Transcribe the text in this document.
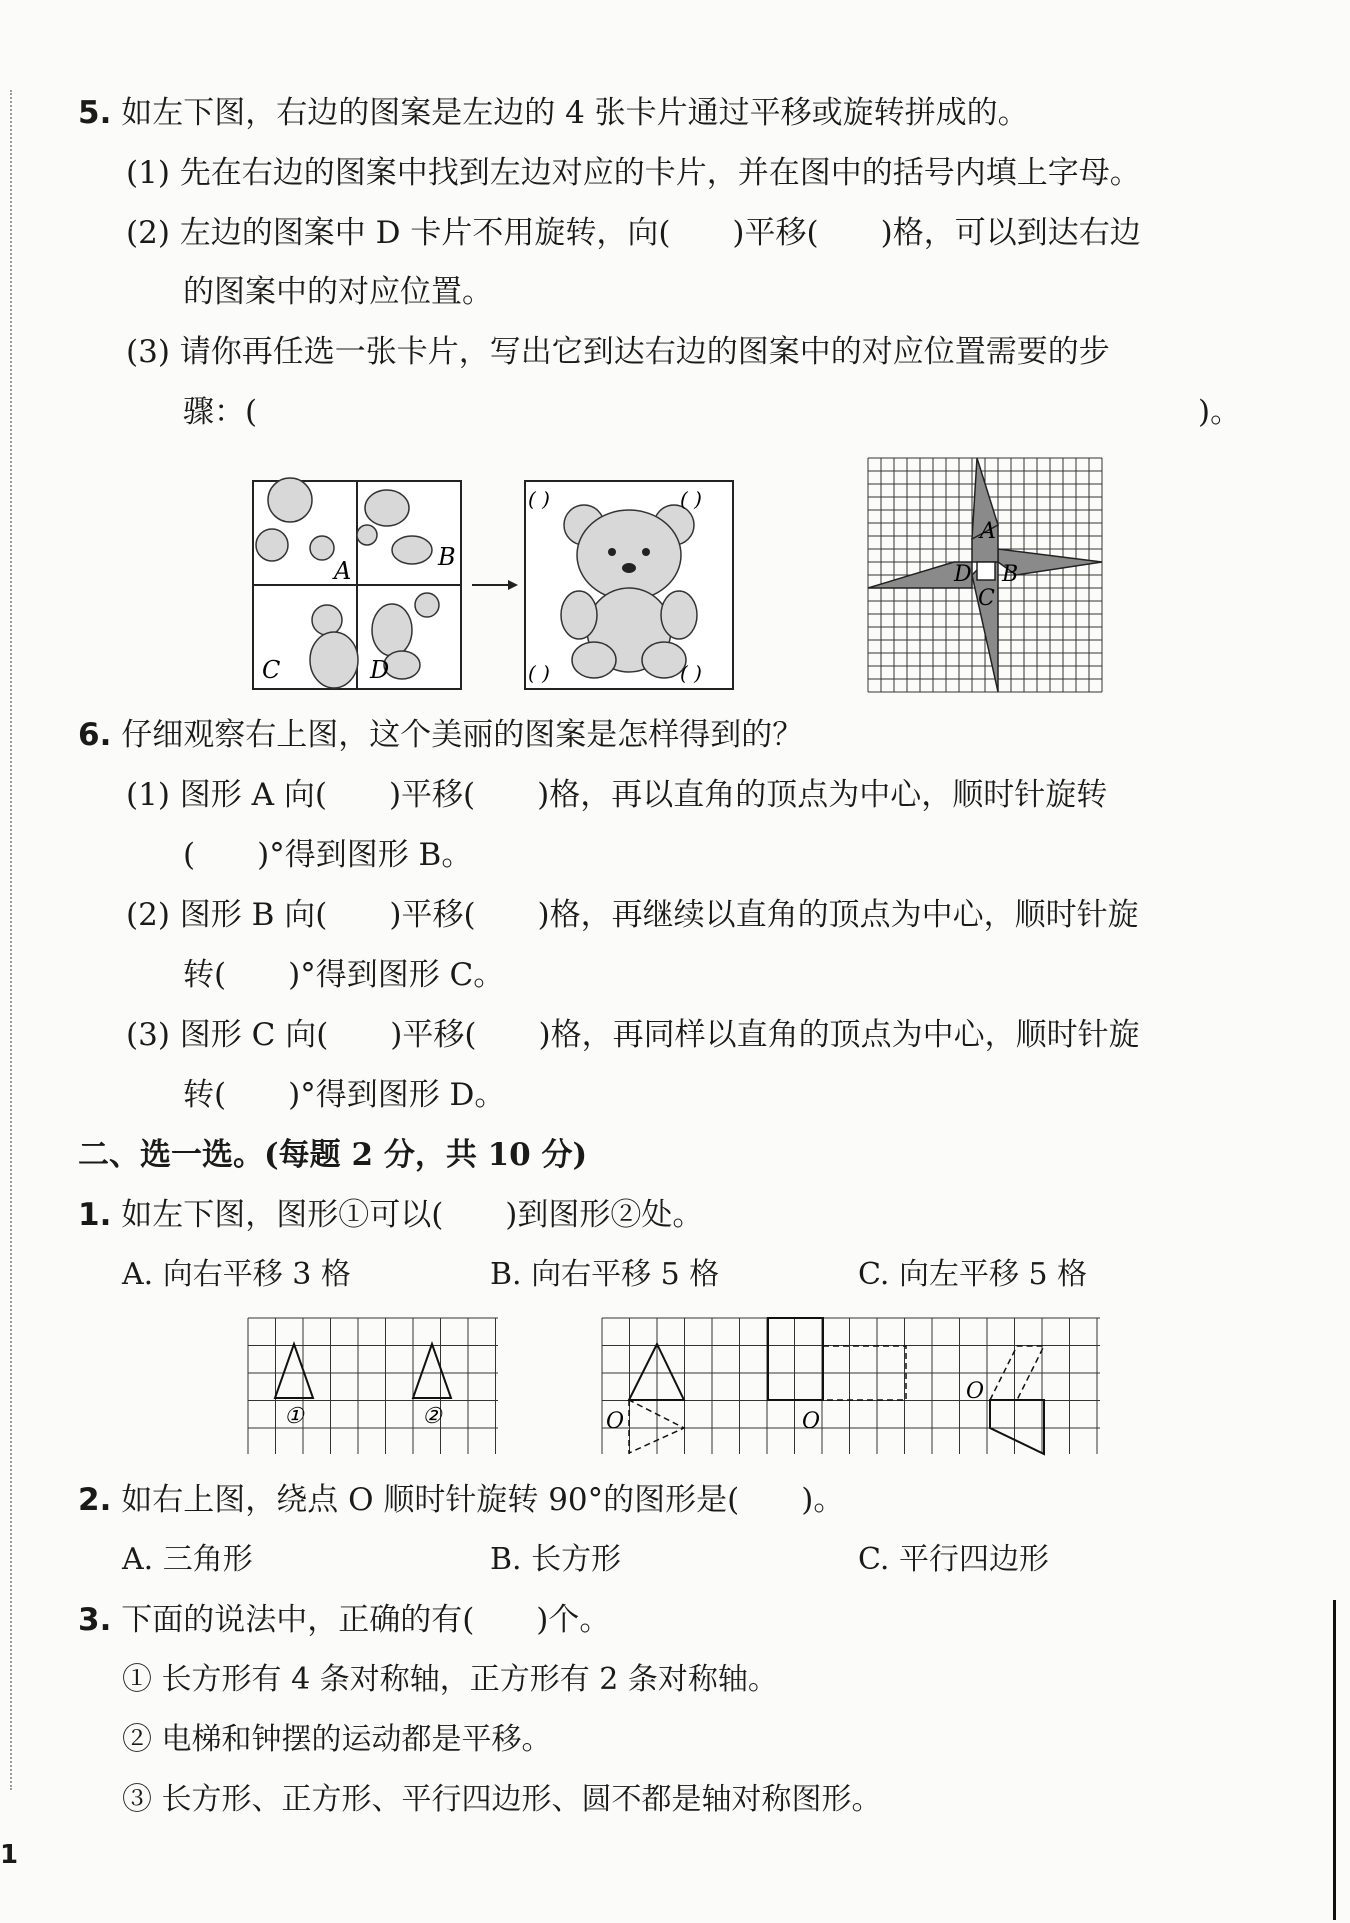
1
5. 如左下图，右边的图案是左边的 4 张卡片通过平移或旋转拼成的。
(1) 先在右边的图案中找到左边对应的卡片，并在图中的括号内填上字母。
(2) 左边的图案中 D 卡片不用旋转，向(　　)平移(　　)格，可以到达右边
的图案中的对应位置。
(3) 请你再任选一张卡片，写出它到达右边的图案中的对应位置需要的步
骤：(	)。
A	B
C	D
( )	( )
( )	( )
A
D B
C
6. 仔细观察右上图，这个美丽的图案是怎样得到的？
(1) 图形 A 向(　　)平移(　　)格，再以直角的顶点为中心，顺时针旋转
(　　)°得到图形 B。
(2) 图形 B 向(　　)平移(　　)格，再继续以直角的顶点为中心，顺时针旋
转(　　)°得到图形 C。
(3) 图形 C 向(　　)平移(　　)格，再同样以直角的顶点为中心，顺时针旋
转(　　)°得到图形 D。
二、选一选。(每题 2 分，共 10 分)
1. 如左下图，图形①可以(　　)到图形②处。
A. 向右平移 3 格	B. 向右平移 5 格	C. 向左平移 5 格
①	②	O	O
O
2. 如右上图，绕点 O 顺时针旋转 90°的图形是(　　)。
A. 三角形	B. 长方形	C. 平行四边形
3. 下面的说法中，正确的有(　　)个。
① 长方形有 4 条对称轴，正方形有 2 条对称轴。
② 电梯和钟摆的运动都是平移。
③ 长方形、正方形、平行四边形、圆不都是轴对称图形。
